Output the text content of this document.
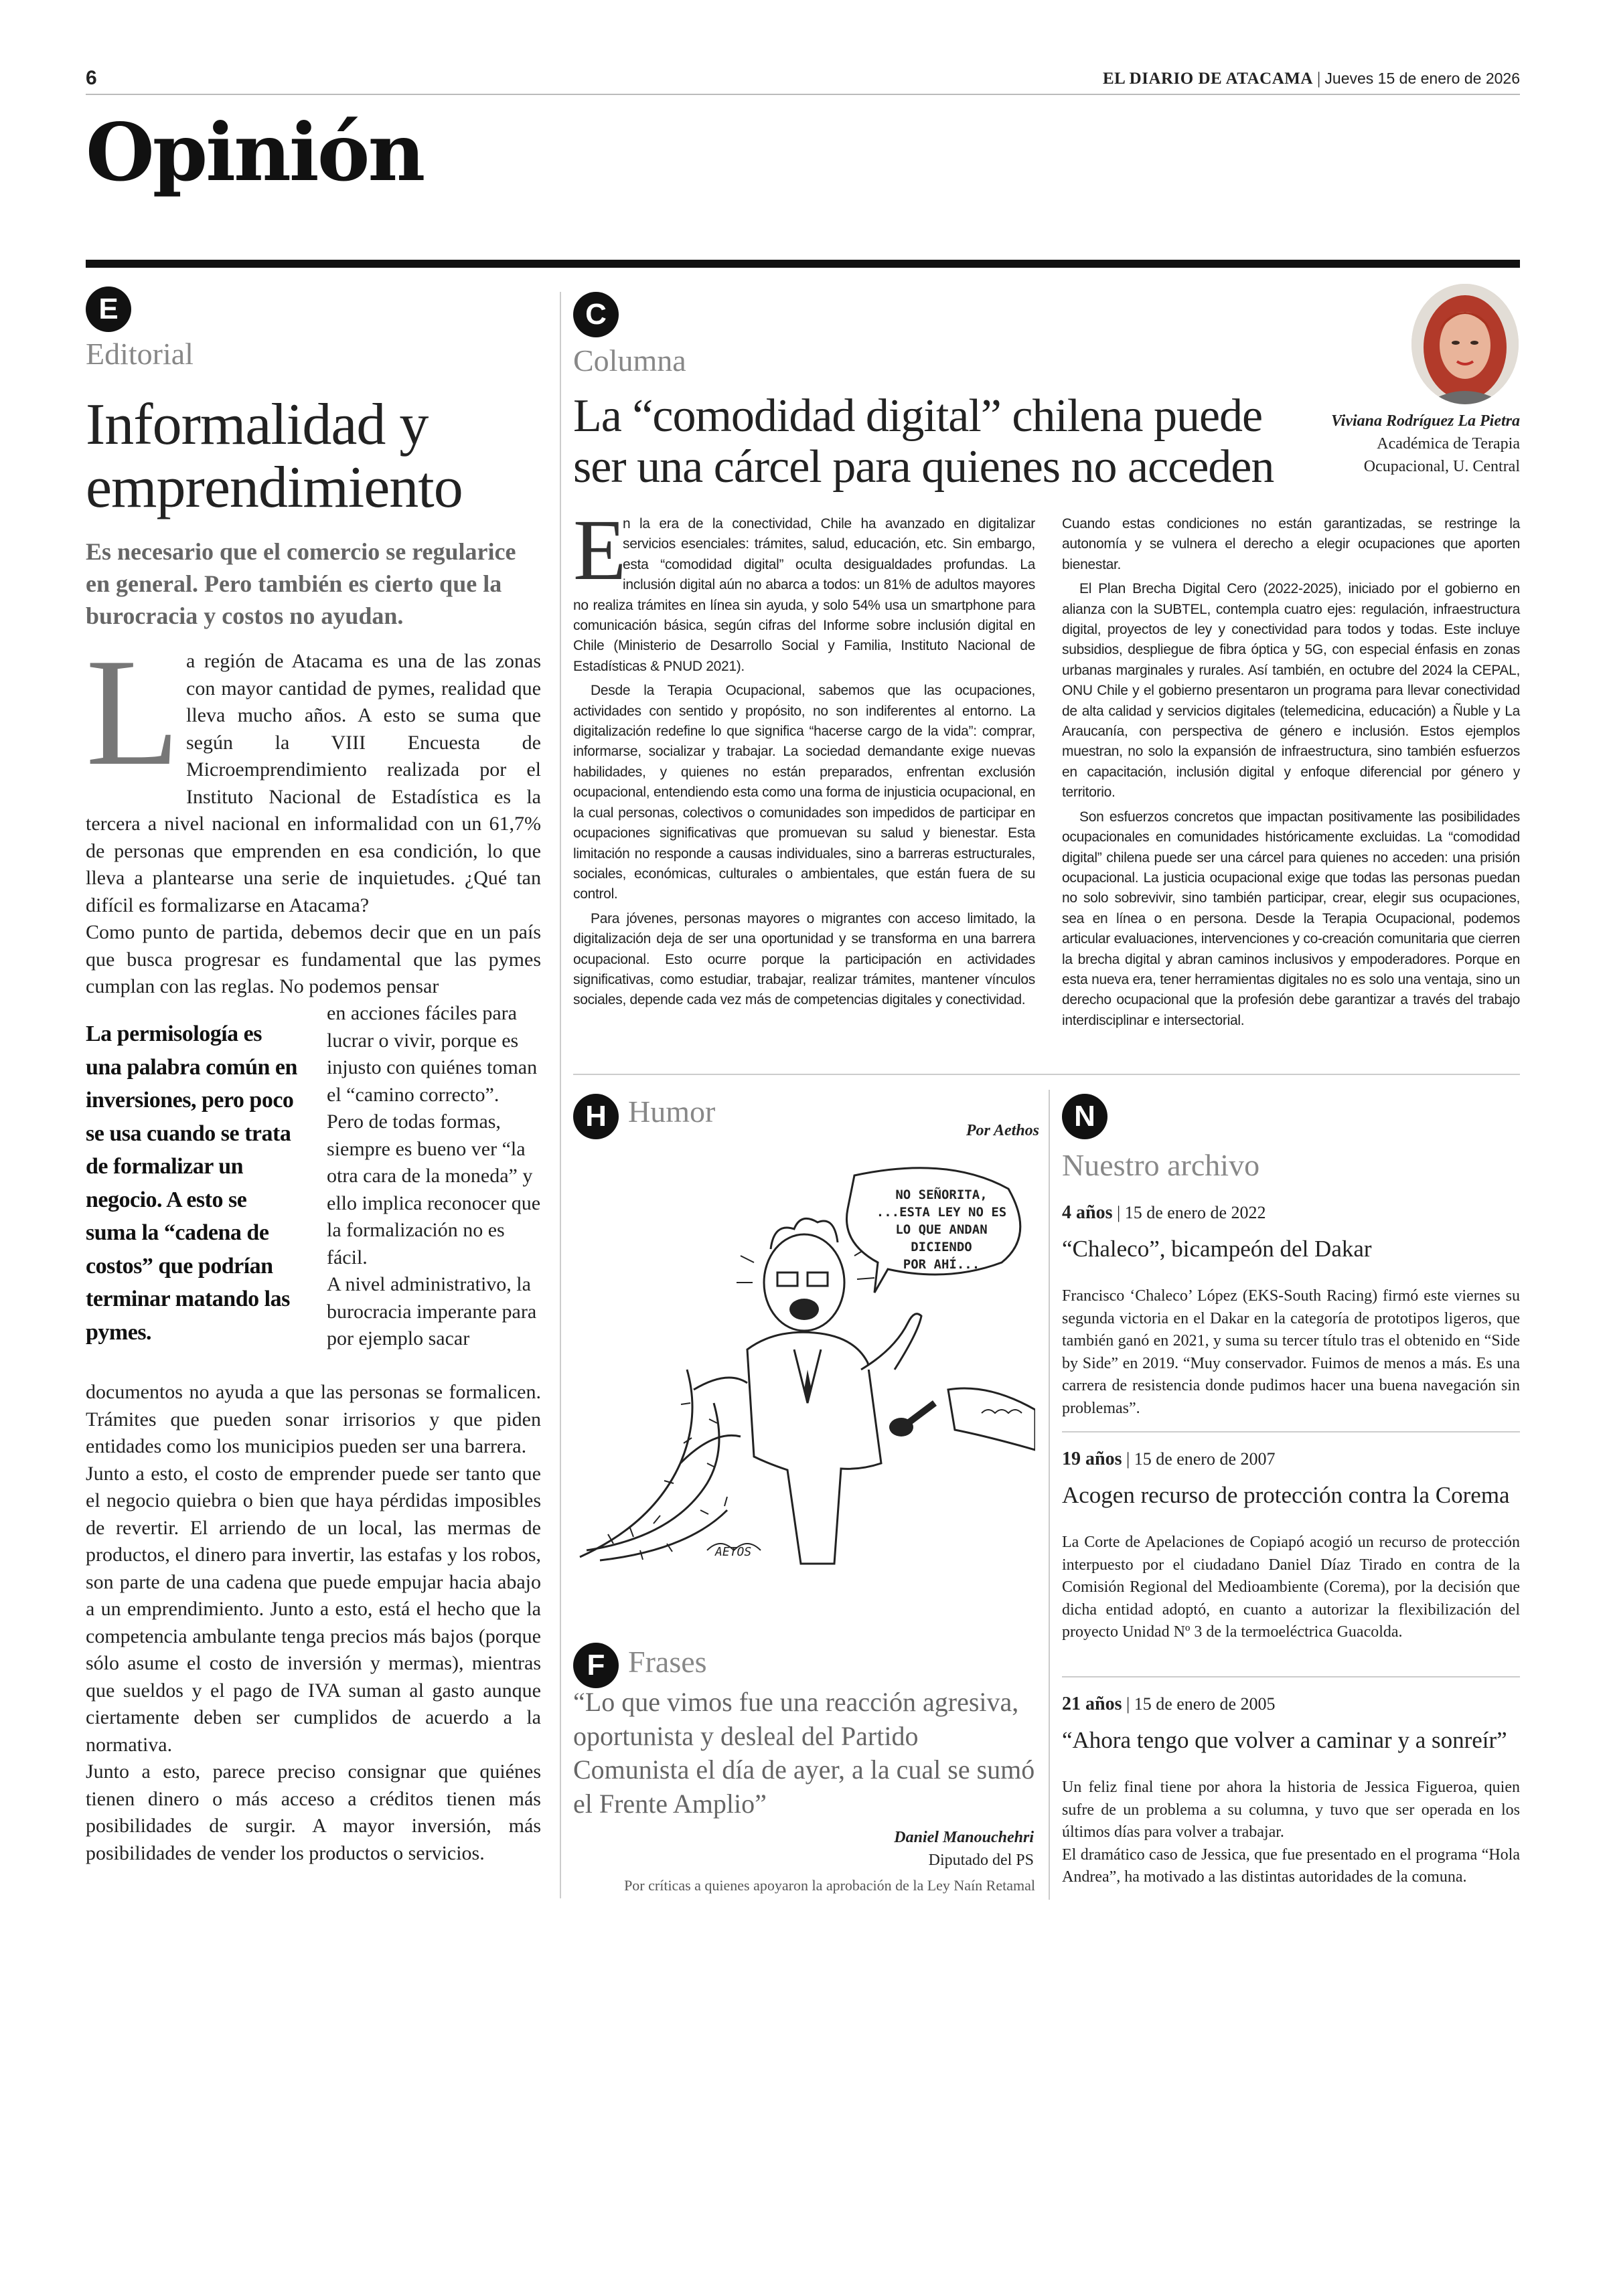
6	EL DIARIO DE ATACAMA | Jueves 15 de enero de 2026
Opinión
E
Editorial
Informalidad y emprendimiento
Es necesario que el comercio se regularice en general. Pero también es cierto que la burocracia y costos no ayudan.
L a región de Atacama es una de las zonas con mayor cantidad de pymes, realidad que lleva mucho años. A esto se suma que según la VIII Encuesta de Microemprendimiento realizada por el Instituto Nacional de Estadística es la tercera a nivel nacional en informalidad con un 61,7% de personas que emprenden en esa condición, lo que lleva a plantearse una serie de inquietudes. ¿Qué tan difícil es formalizarse en Atacama?

Como punto de partida, debemos decir que en un país que busca progresar es fundamental que las pymes cumplan con las reglas. No podemos pensar

La permisología es una palabra común en inversiones, pero poco se usa cuando se trata de formalizar un negocio. A esto se suma la “cadena de costos” que podrían terminar matando las pymes.

en acciones fáciles para lucrar o vivir, porque es injusto con quiénes toman el “camino correcto”.

Pero de todas formas, siempre es bueno ver “la otra cara de la moneda” y ello implica reconocer que la formalización no es fácil.

A nivel administrativo, la burocracia imperante para por ejemplo sacar

documentos no ayuda a que las personas se formalicen. Trámites que pueden sonar irrisorios y que piden entidades como los municipios pueden ser una barrera.

Junto a esto, el costo de emprender puede ser tanto que el negocio quiebra o bien que haya pérdidas imposibles de revertir. El arriendo de un local, las mermas de productos, el dinero para invertir, las estafas y los robos, son parte de una cadena que puede empujar hacia abajo a un emprendimiento. Junto a esto, está el hecho que la competencia ambulante tenga precios más bajos (porque sólo asume el costo de inversión y mermas), mientras que sueldos y el pago de IVA suman al gasto aunque ciertamente deben ser cumplidos de acuerdo a la normativa.

Junto a esto, parece preciso consignar que quiénes tienen dinero o más acceso a créditos tienen más posibilidades de surgir. A mayor inversión, más posibilidades de vender los productos o servicios.

C
Columna
La “comodidad digital” chilena puede ser una cárcel para quienes no acceden
Viviana Rodríguez La Pietra
Académica de Terapia
Ocupacional, U. Central
E

n la era de la conectividad, Chile ha avanzado en digitalizar servicios esenciales: trámites, salud, educación, etc. Sin embargo, esta “comodidad digital” oculta desigualdades profundas. La inclusión digital aún no abarca a todos: un 81% de adultos mayores no realiza trámites en línea sin ayuda, y solo 54% usa un smartphone para comunicación básica, según cifras del Informe sobre inclusión digital en Chile (Ministerio de Desarrollo Social y Familia, Instituto Nacional de Estadísticas & PNUD 2021).

Desde la Terapia Ocupacional, sabemos que las ocupaciones, actividades con sentido y propósito, no son indiferentes al entorno. La digitalización redefine lo que significa “hacerse cargo de la vida”: comprar, informarse, socializar y trabajar. La sociedad demandante exige nuevas habilidades, y quienes no están preparados, enfrentan exclusión ocupacional, entendiendo esta como una forma de injusticia ocupacional, en la cual personas, colectivos o comunidades son impedidos de participar en ocupaciones significativas que promuevan su salud y bienestar. Esta limitación no responde a causas individuales, sino a barreras estructurales, sociales, económicas, culturales o ambientales, que están fuera de su control.

Para jóvenes, personas mayores o migrantes con acceso limitado, la digitalización deja de ser una oportunidad y se transforma en una barrera ocupacional. Esto ocurre porque la participación en actividades significativas, como estudiar, trabajar, realizar trámites, mantener vínculos sociales, depende cada vez más de competencias digitales y conectividad.

Cuando estas condiciones no están garantizadas, se restringe la autonomía y se vulnera el derecho a elegir ocupaciones que aporten bienestar.

El Plan Brecha Digital Cero (2022-2025), iniciado por el gobierno en alianza con la SUBTEL, contempla cuatro ejes: regulación, infraestructura digital, proyectos de ley y conectividad para todos y todas. Este incluye subsidios, despliegue de fibra óptica y 5G, con especial énfasis en zonas urbanas marginales y rurales. Así también, en octubre del 2024 la CEPAL, ONU Chile y el gobierno presentaron un programa para llevar conectividad de alta calidad y servicios digitales (telemedicina, educación) a Ñuble y La Araucanía, con perspectiva de género e inclusión. Estos ejemplos muestran, no solo la expansión de infraestructura, sino también esfuerzos en capacitación, inclusión digital y enfoque diferencial por género y territorio.

Son esfuerzos concretos que impactan positivamente las posibilidades ocupacionales en comunidades históricamente excluidas. La “comodidad digital” chilena puede ser una cárcel para quienes no acceden: una prisión ocupacional. La justicia ocupacional exige que todas las personas puedan no solo sobrevivir, sino también participar, crear, elegir sus ocupaciones, sea en línea o en persona. Desde la Terapia Ocupacional, podemos articular evaluaciones, intervenciones y co-creación comunitaria que cierren la brecha digital y abran caminos inclusivos y empoderadores. Porque en esta nueva era, tener herramientas digitales no es solo una ventaja, sino un derecho ocupacional que la profesión debe garantizar a través del trabajo interdisciplinar e intersectorial.

H Humor
Por Aethos
NO SEÑORITA,
...ESTA LEY NO ES
LO QUE ANDAN
DICIENDO
POR AHÍ...
AETOS
F Frases
“Lo que vimos fue una reacción agresiva, oportunista y desleal del Partido Comunista el día de ayer, a la cual se sumó el Frente Amplio”
Daniel Manouchehri
Diputado del PS
Por críticas a quienes apoyaron la aprobación de la Ley Naín Retamal
N
Nuestro archivo
4 años | 15 de enero de 2022
“Chaleco”, bicampeón del Dakar

Francisco ‘Chaleco’ López (EKS-South Racing) firmó este viernes su segunda victoria en el Dakar en la categoría de prototipos ligeros, que también ganó en 2021, y suma su tercer título tras el obtenido en “Side by Side” en 2019. “Muy conservador. Fuimos de menos a más. Es una carrera de resistencia donde pudimos hacer una buena navegación sin problemas”.

19 años | 15 de enero de 2007
Acogen recurso de protección contra la Corema

La Corte de Apelaciones de Copiapó acogió un recurso de protección interpuesto por el ciudadano Daniel Díaz Tirado en contra de la Comisión Regional del Medioambiente (Corema), por la decisión que dicha entidad adoptó, en cuanto a autorizar la flexibilización del proyecto Unidad Nº 3 de la termoeléctrica Guacolda.

21 años | 15 de enero de 2005
“Ahora tengo que volver a caminar y a sonreír”

Un feliz final tiene por ahora la historia de Jessica Figueroa, quien sufre de un problema a su columna, y tuvo que ser operada en los últimos días para volver a trabajar.

El dramático caso de Jessica, que fue presentado en el programa “Hola Andrea”, ha motivado a las distintas autoridades de la comuna.
